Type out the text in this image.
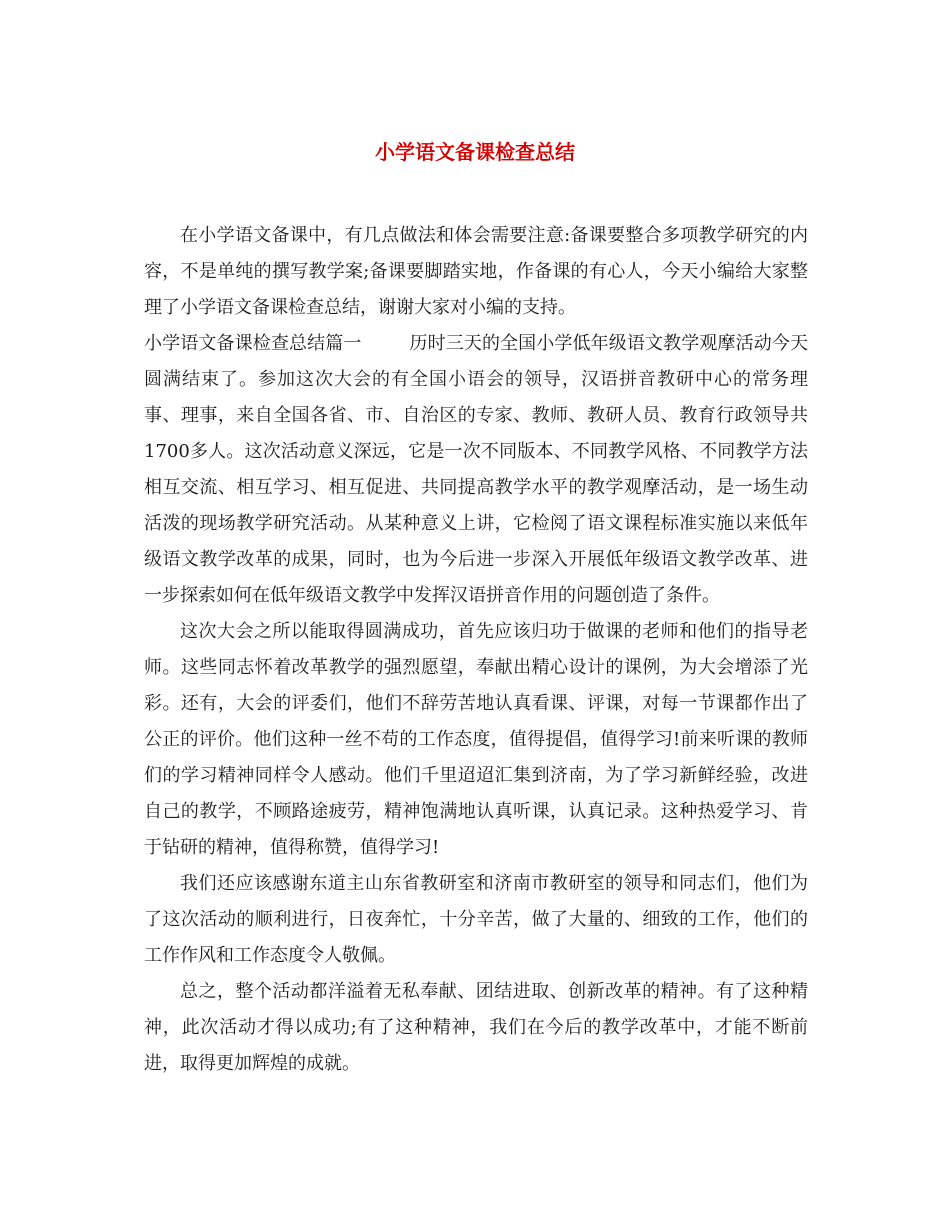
小学语文备课检查总结

在小学语文备课中，有几点做法和体会需要注意:备课要整合多项教学研究的内容，不是单纯的撰写教学案;备课要脚踏实地，作备课的有心人，今天小编给大家整理了小学语文备课检查总结，谢谢大家对小编的支持。

小学语文备课检查总结篇一	历时三天的全国小学低年级语文教学观摩活动今天圆满结束了。参加这次大会的有全国小语会的领导，汉语拼音教研中心的常务理事、理事，来自全国各省、市、自治区的专家、教师、教研人员、教育行政领导共1700多人。这次活动意义深远，它是一次不同版本、不同教学风格、不同教学方法相互交流、相互学习、相互促进、共同提高教学水平的教学观摩活动，是一场生动活泼的现场教学研究活动。从某种意义上讲，它检阅了语文课程标准实施以来低年级语文教学改革的成果，同时，也为今后进一步深入开展低年级语文教学改革、进一步探索如何在低年级语文教学中发挥汉语拼音作用的问题创造了条件。

这次大会之所以能取得圆满成功，首先应该归功于做课的老师和他们的指导老师。这些同志怀着改革教学的强烈愿望，奉献出精心设计的课例，为大会增添了光彩。还有，大会的评委们，他们不辞劳苦地认真看课、评课，对每一节课都作出了公正的评价。他们这种一丝不苟的工作态度，值得提倡，值得学习!前来听课的教师们的学习精神同样令人感动。他们千里迢迢汇集到济南，为了学习新鲜经验，改进自己的教学，不顾路途疲劳，精神饱满地认真听课，认真记录。这种热爱学习、肯于钻研的精神，值得称赞，值得学习!

我们还应该感谢东道主山东省教研室和济南市教研室的领导和同志们，他们为了这次活动的顺利进行，日夜奔忙，十分辛苦，做了大量的、细致的工作，他们的工作作风和工作态度令人敬佩。

总之，整个活动都洋溢着无私奉献、团结进取、创新改革的精神。有了这种精神，此次活动才得以成功;有了这种精神，我们在今后的教学改革中，才能不断前进，取得更加辉煌的成就。
